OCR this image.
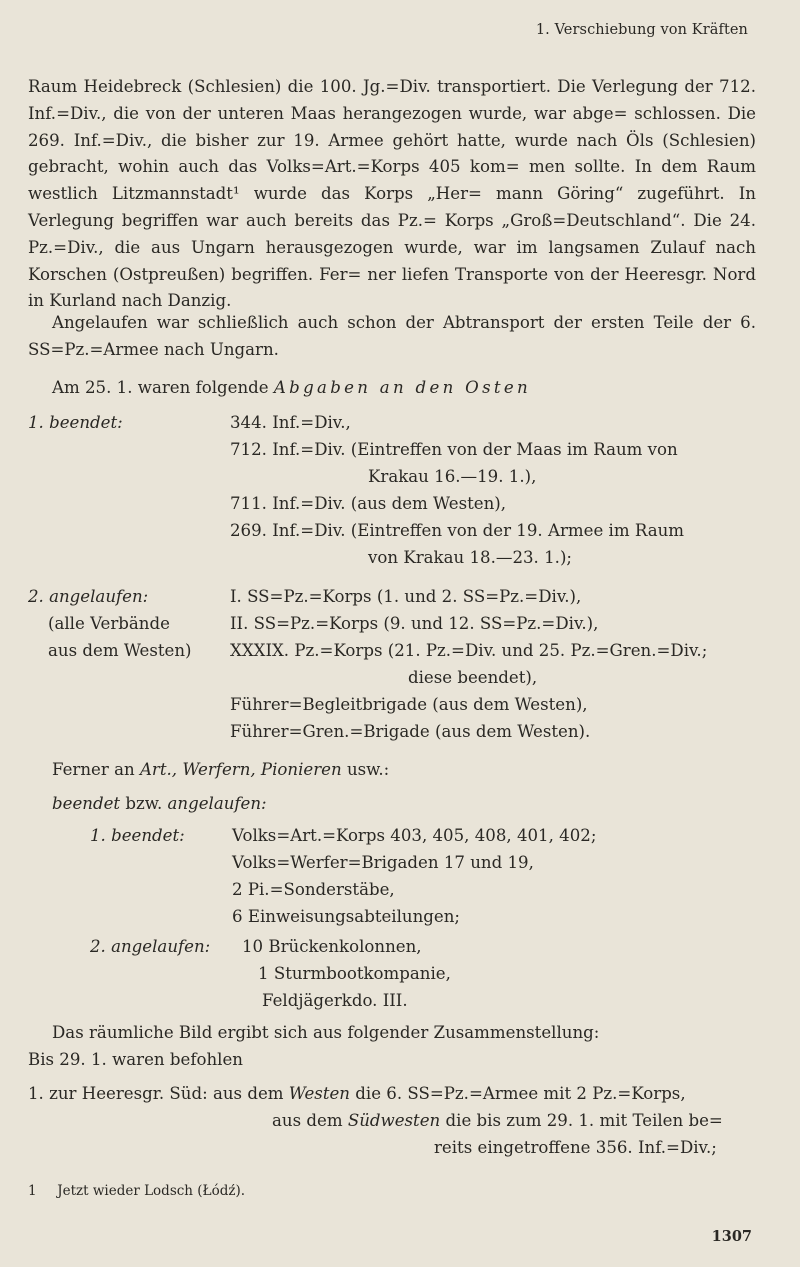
1. Verschiebung von Kräften
Raum Heidebreck (Schlesien) die 100. Jg.=Div. transportiert. Die Verlegung der 712. Inf.=Div., die von der unteren Maas herangezogen wurde, war abge= schlossen. Die 269. Inf.=Div., die bisher zur 19. Armee gehört hatte, wurde nach Öls (Schlesien) gebracht, wohin auch das Volks=Art.=Korps 405 kom= men sollte. In dem Raum westlich Litzmannstadt¹ wurde das Korps „Her= mann Göring“ zugeführt. In Verlegung begriffen war auch bereits das Pz.= Korps „Groß=Deutschland“. Die 24. Pz.=Div., die aus Ungarn herausgezogen wurde, war im langsamen Zulauf nach Korschen (Ostpreußen) begriffen. Fer= ner liefen Transporte von der Heeresgr. Nord in Kurland nach Danzig.
Angelaufen war schließlich auch schon der Abtransport der ersten Teile der 6. SS=Pz.=Armee nach Ungarn.
Am 25. 1. waren folgende Abgaben an den Osten
1. beendet:	344. Inf.=Div.,
712. Inf.=Div. (Eintreffen von der Maas im Raum von
Krakau 16.—19. 1.),
711. Inf.=Div. (aus dem Westen),
269. Inf.=Div. (Eintreffen von der 19. Armee im Raum
von Krakau 18.—23. 1.);
2. angelaufen:
(alle Verbände
aus dem Westen)
I. SS=Pz.=Korps (1. und 2. SS=Pz.=Div.),
II. SS=Pz.=Korps (9. und 12. SS=Pz.=Div.),
XXXIX. Pz.=Korps (21. Pz.=Div. und 25. Pz.=Gren.=Div.;
diese beendet),
Führer=Begleitbrigade (aus dem Westen),
Führer=Gren.=Brigade (aus dem Westen).
Ferner an Art., Werfern, Pionieren usw.:
beendet bzw. angelaufen:
1. beendet:	Volks=Art.=Korps 403, 405, 408, 401, 402;
Volks=Werfer=Brigaden 17 und 19,
2 Pi.=Sonderstäbe,
6 Einweisungsabteilungen;
2. angelaufen: 10 Brückenkolonnen,
1 Sturmbootkompanie,
Feldjägerkdo. III.
Das räumliche Bild ergibt sich aus folgender Zusammenstellung:
Bis 29. 1. waren befohlen
1. zur Heeresgr. Süd: aus dem Westen die 6. SS=Pz.=Armee mit 2 Pz.=Korps,
aus dem Südwesten die bis zum 29. 1. mit Teilen be=
reits eingetroffene 356. Inf.=Div.;
1 Jetzt wieder Lodsch (Łódź).
1307
